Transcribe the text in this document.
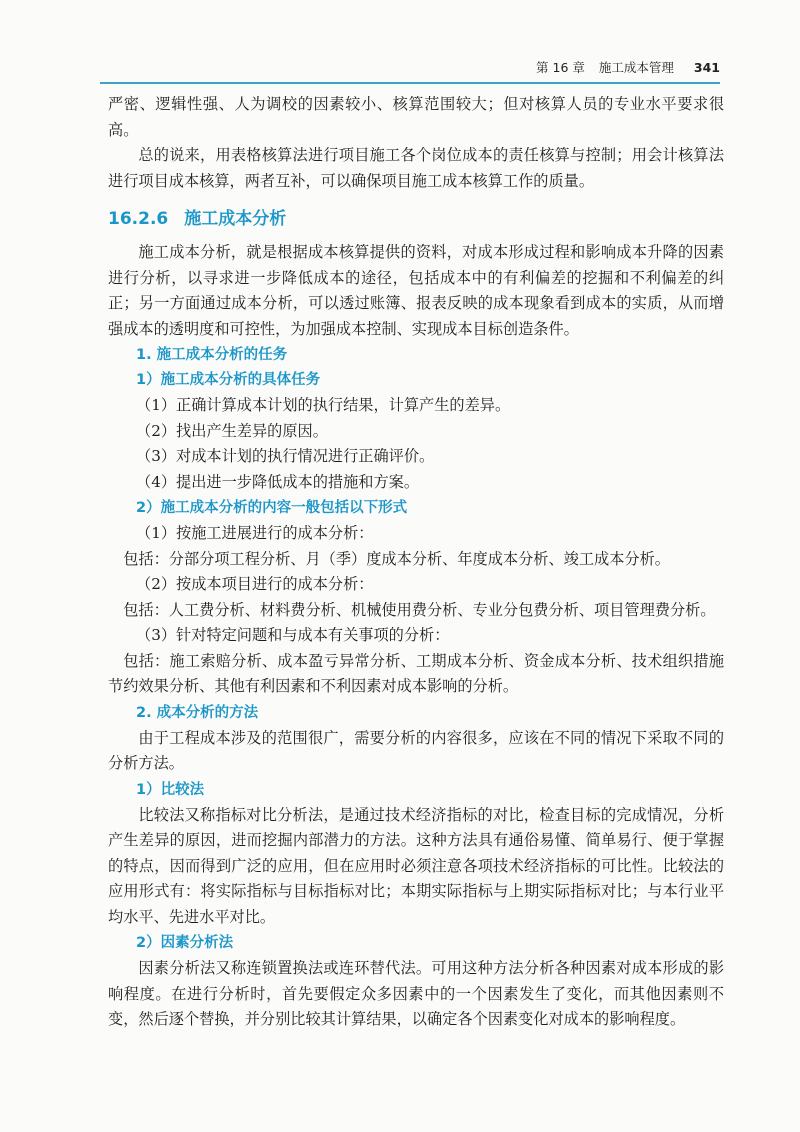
第 16 章 施工成本管理 341

严密、逻辑性强、人为调校的因素较小、核算范围较大；但对核算人员的专业水平要求很高。

总的说来，用表格核算法进行项目施工各个岗位成本的责任核算与控制；用会计核算法进行项目成本核算，两者互补，可以确保项目施工成本核算工作的质量。

16.2.6 施工成本分析

施工成本分析，就是根据成本核算提供的资料，对成本形成过程和影响成本升降的因素进行分析，以寻求进一步降低成本的途径，包括成本中的有利偏差的挖掘和不利偏差的纠正；另一方面通过成本分析，可以透过账簿、报表反映的成本现象看到成本的实质，从而增强成本的透明度和可控性，为加强成本控制、实现成本目标创造条件。

1. 施工成本分析的任务
1）施工成本分析的具体任务

（1）正确计算成本计划的执行结果，计算产生的差异。

（2）找出产生差异的原因。

（3）对成本计划的执行情况进行正确评价。

（4）提出进一步降低成本的措施和方案。

2）施工成本分析的内容一般包括以下形式

（1）按施工进展进行的成本分析：

包括：分部分项工程分析、月（季）度成本分析、年度成本分析、竣工成本分析。

（2）按成本项目进行的成本分析：

包括：人工费分析、材料费分析、机械使用费分析、专业分包费分析、项目管理费分析。

（3）针对特定问题和与成本有关事项的分析：

包括：施工索赔分析、成本盈亏异常分析、工期成本分析、资金成本分析、技术组织措施节约效果分析、其他有利因素和不利因素对成本影响的分析。

2. 成本分析的方法

由于工程成本涉及的范围很广，需要分析的内容很多，应该在不同的情况下采取不同的分析方法。

1）比较法

比较法又称指标对比分析法，是通过技术经济指标的对比，检查目标的完成情况，分析产生差异的原因，进而挖掘内部潜力的方法。这种方法具有通俗易懂、简单易行、便于掌握的特点，因而得到广泛的应用，但在应用时必须注意各项技术经济指标的可比性。比较法的应用形式有：将实际指标与目标指标对比；本期实际指标与上期实际指标对比；与本行业平均水平、先进水平对比。

2）因素分析法

因素分析法又称连锁置换法或连环替代法。可用这种方法分析各种因素对成本形成的影响程度。在进行分析时，首先要假定众多因素中的一个因素发生了变化，而其他因素则不变，然后逐个替换，并分别比较其计算结果，以确定各个因素变化对成本的影响程度。
